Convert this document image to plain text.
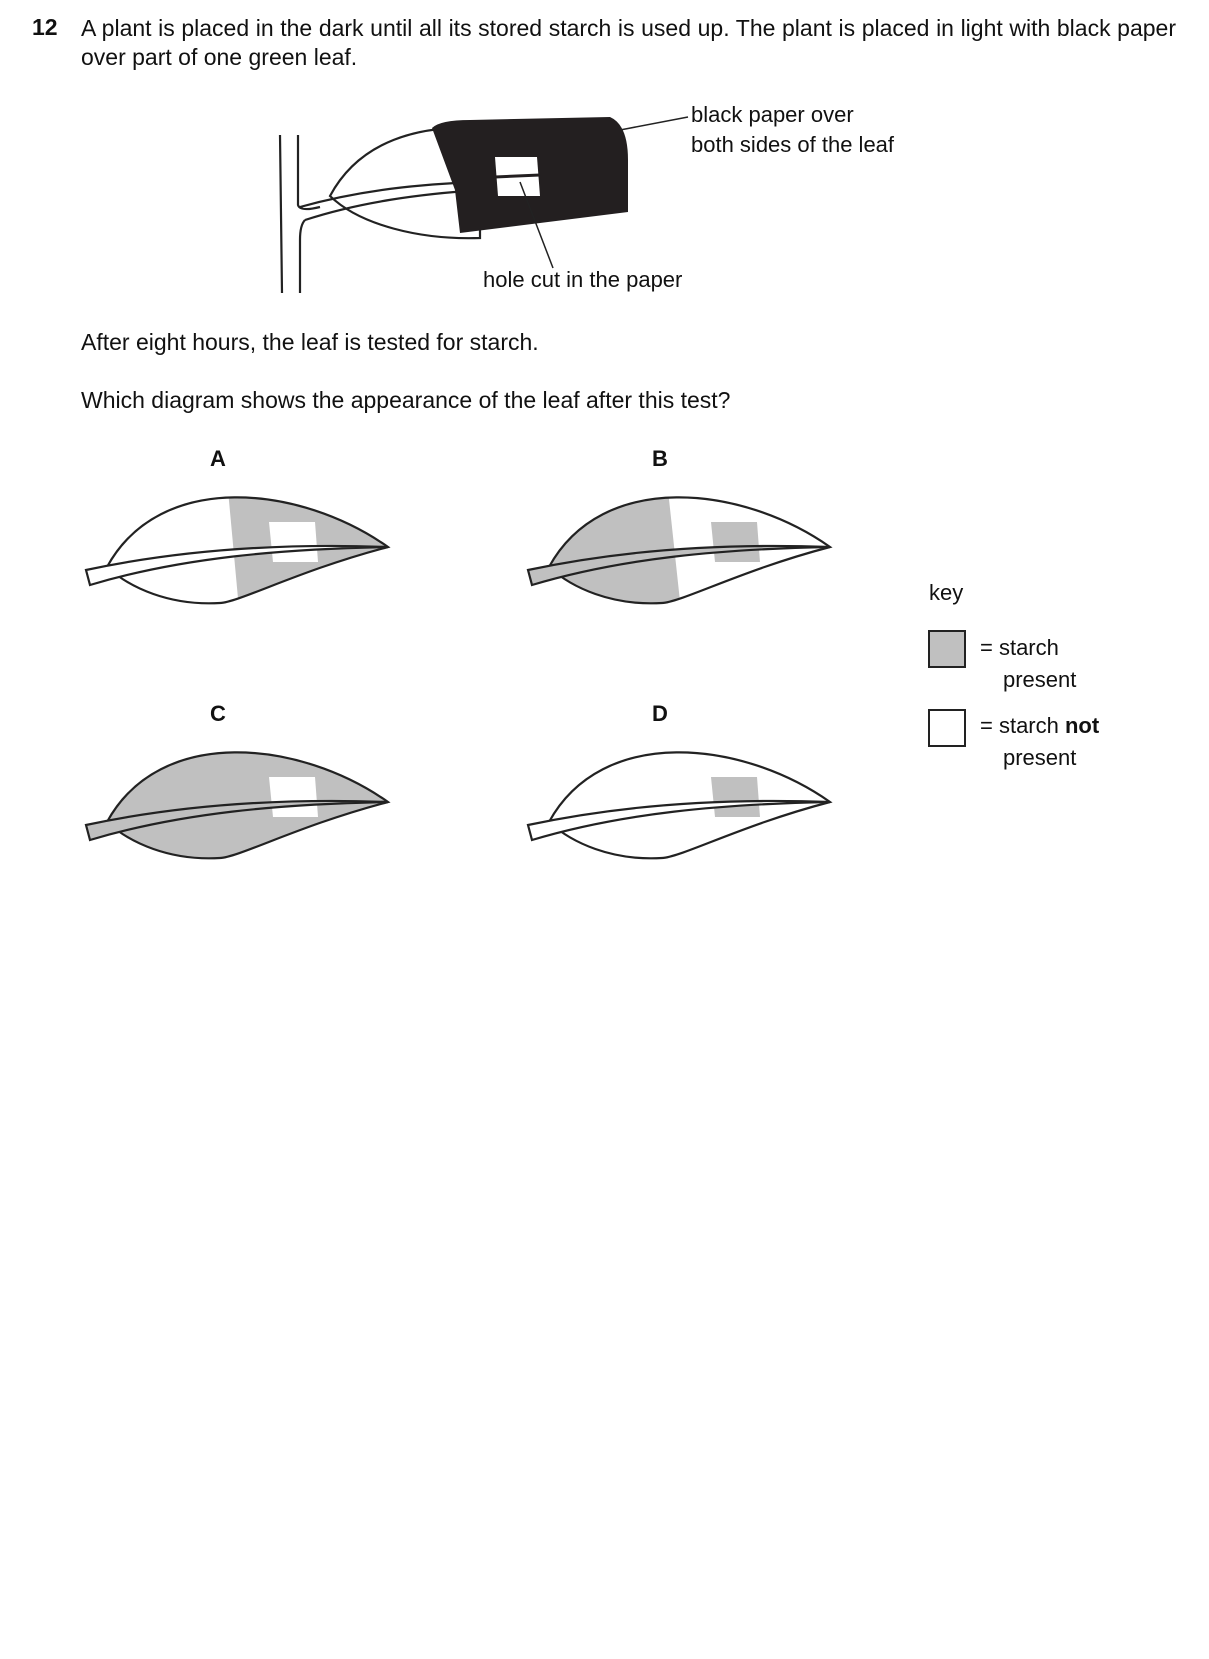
12 A plant is placed in the dark until all its stored starch is used up. The plant is placed in light with black paper over part of one green leaf.
black paper over
both sides of the leaf
hole cut in the paper
After eight hours, the leaf is tested for starch.
Which diagram shows the appearance of the leaf after this test?
A	B
C	D
key
= starch
present
= starch not
present
